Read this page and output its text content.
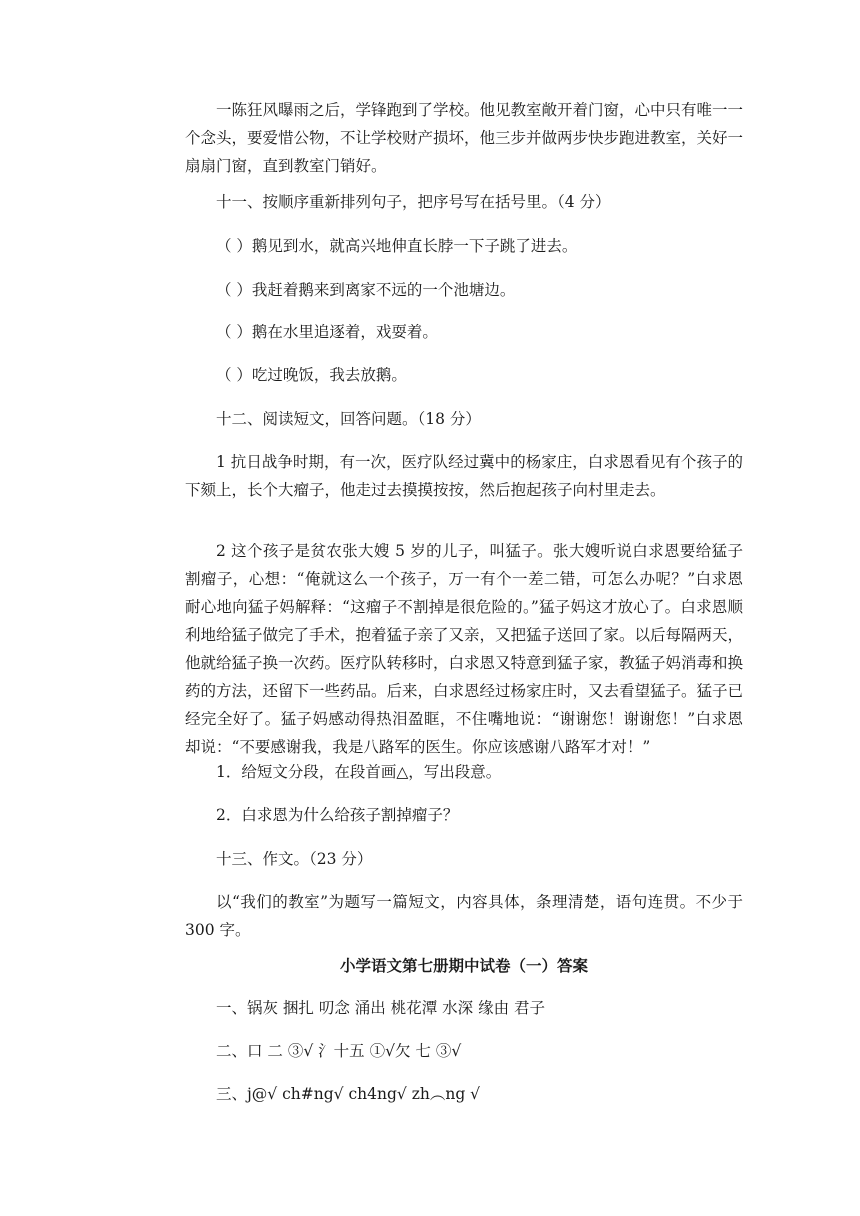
一陈狂风曝雨之后，学锋跑到了学校。他见教室敞开着门窗，心中只有唯一一个念头，要爱惜公物，不让学校财产损坏，他三步并做两步快步跑进教室，关好一扇扇门窗，直到教室门销好。

十一、按顺序重新排列句子，把序号写在括号里。（4 分）

（ ）鹅见到水，就高兴地伸直长脖一下子跳了进去。

（ ）我赶着鹅来到离家不远的一个池塘边。

（ ）鹅在水里追逐着，戏耍着。

（ ）吃过晚饭，我去放鹅。

十二、阅读短文，回答问题。（18 分）

1 抗日战争时期，有一次，医疗队经过冀中的杨家庄，白求恩看见有个孩子的下颏上，长个大瘤子，他走过去摸摸按按，然后抱起孩子向村里走去。

2 这个孩子是贫农张大嫂 5 岁的儿子，叫猛子。张大嫂听说白求恩要给猛子割瘤子，心想：“俺就这么一个孩子，万一有个一差二错，可怎么办呢？”白求恩耐心地向猛子妈解释：“这瘤子不割掉是很危险的。”猛子妈这才放心了。白求恩顺利地给猛子做完了手术，抱着猛子亲了又亲，又把猛子送回了家。以后每隔两天，他就给猛子换一次药。医疗队转移时，白求恩又特意到猛子家，教猛子妈消毒和换药的方法，还留下一些药品。后来，白求恩经过杨家庄时，又去看望猛子。猛子已经完全好了。猛子妈感动得热泪盈眶，不住嘴地说：“谢谢您！谢谢您！”白求恩却说：“不要感谢我，我是八路军的医生。你应该感谢八路军才对！”

1．给短文分段，在段首画△，写出段意。

2．白求恩为什么给孩子割掉瘤子？

十三、作文。（23 分）

以“我们的教室”为题写一篇短文，内容具体，条理清楚，语句连贯。不少于 300 字。

小学语文第七册期中试卷（一）答案

一、锅灰 捆扎 叨念 涌出 桃花潭 水深 缘由 君子

二、口 二 ③√ 氵十五 ①√欠 七 ③√

三、j@√ ch#ng√ ch4ng√ zh︵ng √
